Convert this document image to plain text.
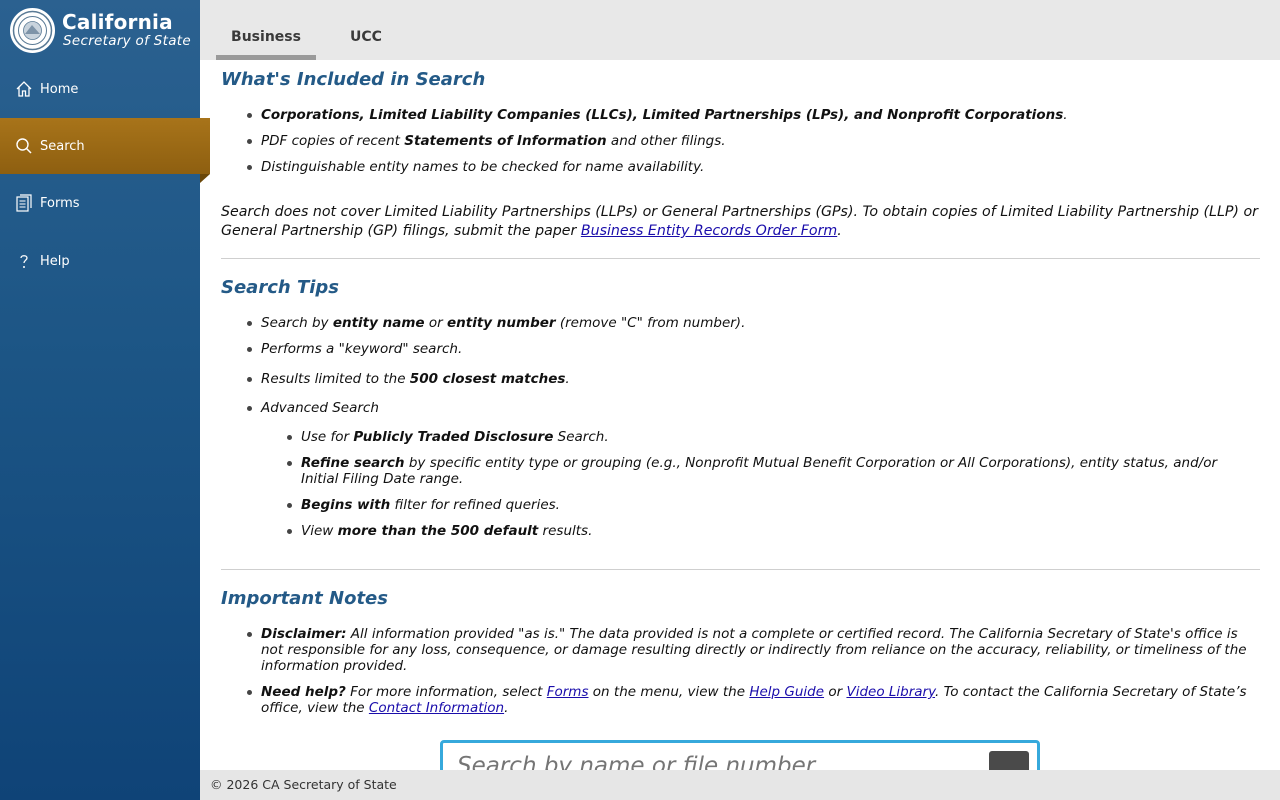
California
Secretary of State
Home
Search
Forms
Help
Business	UCC
What's Included in Search
Corporations, Limited Liability Companies (LLCs), Limited Partnerships (LPs), and Nonprofit Corporations.
PDF copies of recent Statements of Information and other filings.
Distinguishable entity names to be checked for name availability.
Search does not cover Limited Liability Partnerships (LLPs) or General Partnerships (GPs). To obtain copies of Limited Liability Partnership (LLP) or General Partnership (GP) filings, submit the paper Business Entity Records Order Form.
Search Tips
Search by entity name or entity number (remove "C" from number).
Performs a "keyword" search.
Results limited to the 500 closest matches.
Advanced Search
Use for Publicly Traded Disclosure Search.
Refine search by specific entity type or grouping (e.g., Nonprofit Mutual Benefit Corporation or All Corporations), entity status, and/or Initial Filing Date range.
Begins with filter for refined queries.
View more than the 500 default results.
Important Notes
Disclaimer: All information provided "as is." The data provided is not a complete or certified record. The California Secretary of State's office is not responsible for any loss, consequence, or damage resulting directly or indirectly from reliance on the accuracy, reliability, or timeliness of the information provided.
Need help? For more information, select Forms on the menu, view the Help Guide or Video Library. To contact the California Secretary of State’s office, view the Contact Information.
Search by name or file number
© 2026 CA Secretary of State
